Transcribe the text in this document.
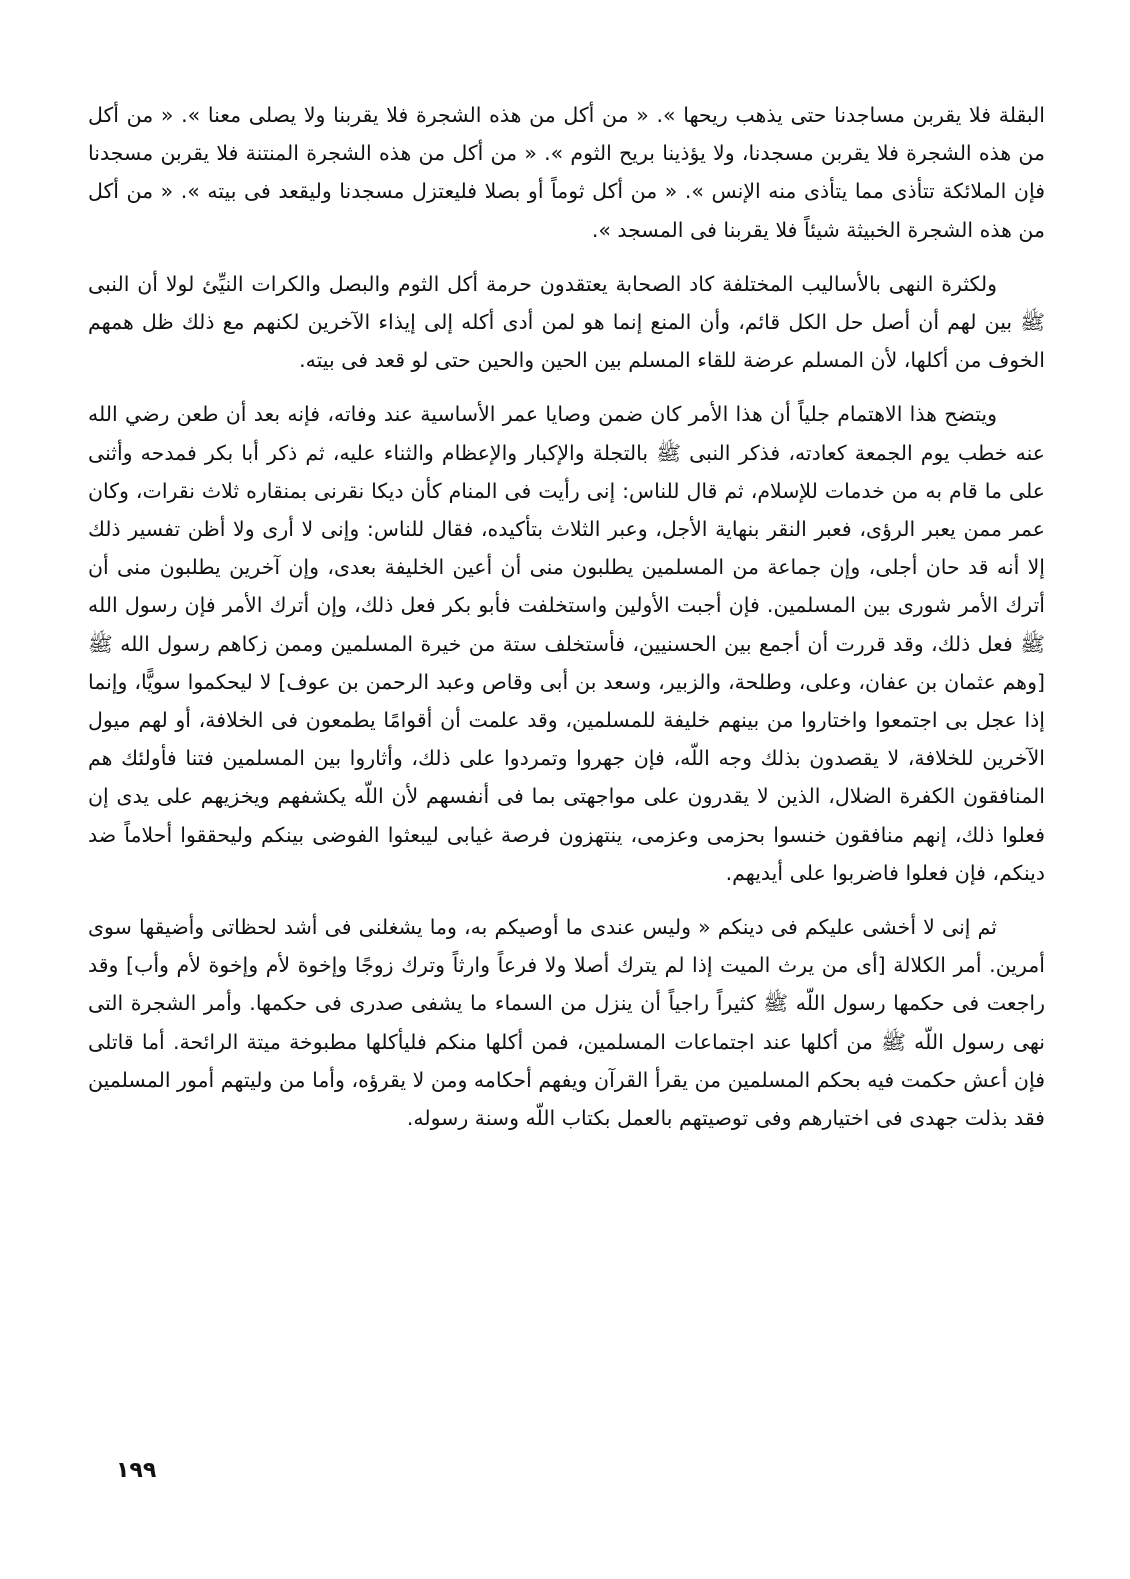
البقلة فلا يقربن مساجدنا حتى يذهب ريحها ». « من أكل من هذه الشجرة فلا يقربنا ولا يصلى معنا ». « من أكل من هذه الشجرة فلا يقربن مسجدنا، ولا يؤذينا بريح الثوم ». « من أكل من هذه الشجرة المنتنة فلا يقربن مسجدنا فإن الملائكة تتأذى مما يتأذى منه الإنس ». « من أكل ثوماً أو بصلا فليعتزل مسجدنا وليقعد فى بيته ». « من أكل من هذه الشجرة الخبيثة شيئاً فلا يقربنا فى المسجد ».

ولكثرة النهى بالأساليب المختلفة كاد الصحابة يعتقدون حرمة أكل الثوم والبصل والكرات النيِّئ لولا أن النبى ﷺ بين لهم أن أصل حل الكل قائم، وأن المنع إنما هو لمن أدى أكله إلى إيذاء الآخرين لكنهم مع ذلك ظل همهم الخوف من أكلها، لأن المسلم عرضة للقاء المسلم بين الحين والحين حتى لو قعد فى بيته.

ويتضح هذا الاهتمام جلياً أن هذا الأمر كان ضمن وصايا عمر الأساسية عند وفاته، فإنه بعد أن طعن رضي الله عنه خطب يوم الجمعة كعادته، فذكر النبى ﷺ بالتجلة والإكبار والإعظام والثناء عليه، ثم ذكر أبا بكر فمدحه وأثنى على ما قام به من خدمات للإسلام، ثم قال للناس: إنى رأيت فى المنام كأن ديكا نقرنى بمنقاره ثلاث نقرات، وكان عمر ممن يعبر الرؤى، فعبر النقر بنهاية الأجل، وعبر الثلاث بتأكيده، فقال للناس: وإنى لا أرى ولا أظن تفسير ذلك إلا أنه قد حان أجلى، وإن جماعة من المسلمين يطلبون منى أن أعين الخليفة بعدى، وإن آخرين يطلبون منى أن أترك الأمر شورى بين المسلمين. فإن أجبت الأولين واستخلفت فأبو بكر فعل ذلك، وإن أترك الأمر فإن رسول الله ﷺ فعل ذلك، وقد قررت أن أجمع بين الحسنيين، فأستخلف ستة من خيرة المسلمين وممن زكاهم رسول الله ﷺ [وهم عثمان بن عفان، وعلى، وطلحة، والزبير، وسعد بن أبى وقاص وعبد الرحمن بن عوف] لا ليحكموا سويًّا، وإنما إذا عجل بى اجتمعوا واختاروا من بينهم خليفة للمسلمين، وقد علمت أن أقوامًا يطمعون فى الخلافة، أو لهم ميول الآخرين للخلافة، لا يقصدون بذلك وجه اللّه، فإن جهروا وتمردوا على ذلك، وأثاروا بين المسلمين فتنا فأولئك هم المنافقون الكفرة الضلال، الذين لا يقدرون على مواجهتى بما فى أنفسهم لأن اللّه يكشفهم ويخزيهم على يدى إن فعلوا ذلك، إنهم منافقون خنسوا بحزمى وعزمى، ينتهزون فرصة غيابى ليبعثوا الفوضى بينكم وليحققوا أحلاماً ضد دينكم، فإن فعلوا فاضربوا على أيديهم.

ثم إنى لا أخشى عليكم فى دينكم « وليس عندى ما أوصيكم به، وما يشغلنى فى أشد لحظاتى وأضيقها سوى أمرين. أمر الكلالة [أى من يرث الميت إذا لم يترك أصلا ولا فرعاً وارثاً وترك زوجًا وإخوة لأم وإخوة لأم وأب] وقد راجعت فى حكمها رسول اللّه ﷺ كثيراً راجياً أن ينزل من السماء ما يشفى صدرى فى حكمها. وأمر الشجرة التى نهى رسول اللّه ﷺ من أكلها عند اجتماعات المسلمين، فمن أكلها منكم فليأكلها مطبوخة ميتة الرائحة. أما قاتلى فإن أعش حكمت فيه بحكم المسلمين من يقرأ القرآن ويفهم أحكامه ومن لا يقرؤه، وأما من وليتهم أمور المسلمين فقد بذلت جهدى فى اختيارهم وفى توصيتهم بالعمل بكتاب اللّه وسنة رسوله.

١٩٩
